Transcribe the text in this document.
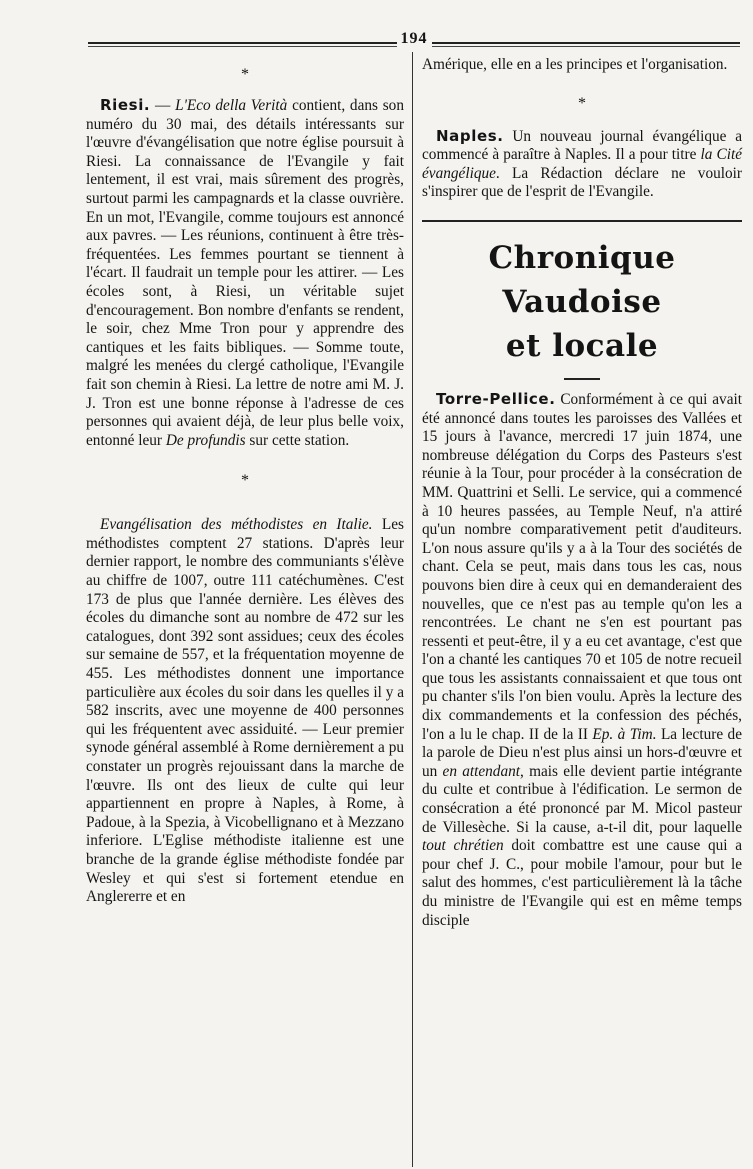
194
*

Riesi. — L'Eco della Verità contient, dans son numéro du 30 mai, des détails intéressants sur l'œuvre d'évangélisation que notre église poursuit à Riesi. La connaissance de l'Evangile y fait lentement, il est vrai, mais sûrement des progrès, surtout parmi les campagnards et la classe ouvrière. En un mot, l'Evangile, comme toujours est annoncé aux pavres. — Les réunions, continuent à être très-fréquentées. Les femmes pourtant se tiennent à l'écart. Il faudrait un temple pour les attirer. — Les écoles sont, à Riesi, un véritable sujet d'encouragement. Bon nombre d'enfants se rendent, le soir, chez Mme Tron pour y apprendre des cantiques et les faits bibliques. — Somme toute, malgré les menées du clergé catholique, l'Evangile fait son chemin à Riesi. La lettre de notre ami M. J. J. Tron est une bonne réponse à l'adresse de ces personnes qui avaient déjà, de leur plus belle voix, entonné leur De profundis sur cette station.

*

Evangélisation des méthodistes en Italie. Les méthodistes comptent 27 stations. D'après leur dernier rapport, le nombre des communiants s'élève au chiffre de 1007, outre 111 catéchumènes. C'est 173 de plus que l'année dernière. Les élèves des écoles du dimanche sont au nombre de 472 sur les catalogues, dont 392 sont assidues; ceux des écoles sur semaine de 557, et la fréquentation moyenne de 455. Les méthodistes donnent une importance particulière aux écoles du soir dans les quelles il y a 582 inscrits, avec une moyenne de 400 personnes qui les fréquentent avec assiduité. — Leur premier synode général assemblé à Rome dernièrement a pu constater un progrès rejouissant dans la marche de l'œuvre. Ils ont des lieux de culte qui leur appartiennent en propre à Naples, à Rome, à Padoue, à la Spezia, à Vicobellignano et à Mezzano inferiore. L'Eglise méthodiste italienne est une branche de la grande église méthodiste fondée par Wesley et qui s'est si fortement etendue en Anglererre et en

Amérique, elle en a les principes et l'organisation.

*

Naples. Un nouveau journal évangélique a commencé à paraître à Naples. Il a pour titre la Cité évangélique. La Rédaction déclare ne vouloir s'inspirer que de l'esprit de l'Evangile.

Chronique Vaudoise
et locale

Torre-Pellice. Conformément à ce qui avait été annoncé dans toutes les paroisses des Vallées et 15 jours à l'avance, mercredi 17 juin 1874, une nombreuse délégation du Corps des Pasteurs s'est réunie à la Tour, pour procéder à la consécration de MM. Quattrini et Selli. Le service, qui a commencé à 10 heures passées, au Temple Neuf, n'a attiré qu'un nombre comparativement petit d'auditeurs. L'on nous assure qu'ils y a à la Tour des sociétés de chant. Cela se peut, mais dans tous les cas, nous pouvons bien dire à ceux qui en demanderaient des nouvelles, que ce n'est pas au temple qu'on les a rencontrées. Le chant ne s'en est pourtant pas ressenti et peut-être, il y a eu cet avantage, c'est que l'on a chanté les cantiques 70 et 105 de notre recueil que tous les assistants connaissaient et que tous ont pu chanter s'ils l'on bien voulu. Après la lecture des dix commandements et la confession des péchés, l'on a lu le chap. II de la II Ep. à Tim. La lecture de la parole de Dieu n'est plus ainsi un hors-d'œuvre et un en attendant, mais elle devient partie intégrante du culte et contribue à l'édification. Le sermon de consécration a été prononcé par M. Micol pasteur de Villesèche. Si la cause, a-t-il dit, pour laquelle tout chrétien doit combattre est une cause qui a pour chef J. C., pour mobile l'amour, pour but le salut des hommes, c'est particulièrement là la tâche du ministre de l'Evangile qui est en même temps disciple
